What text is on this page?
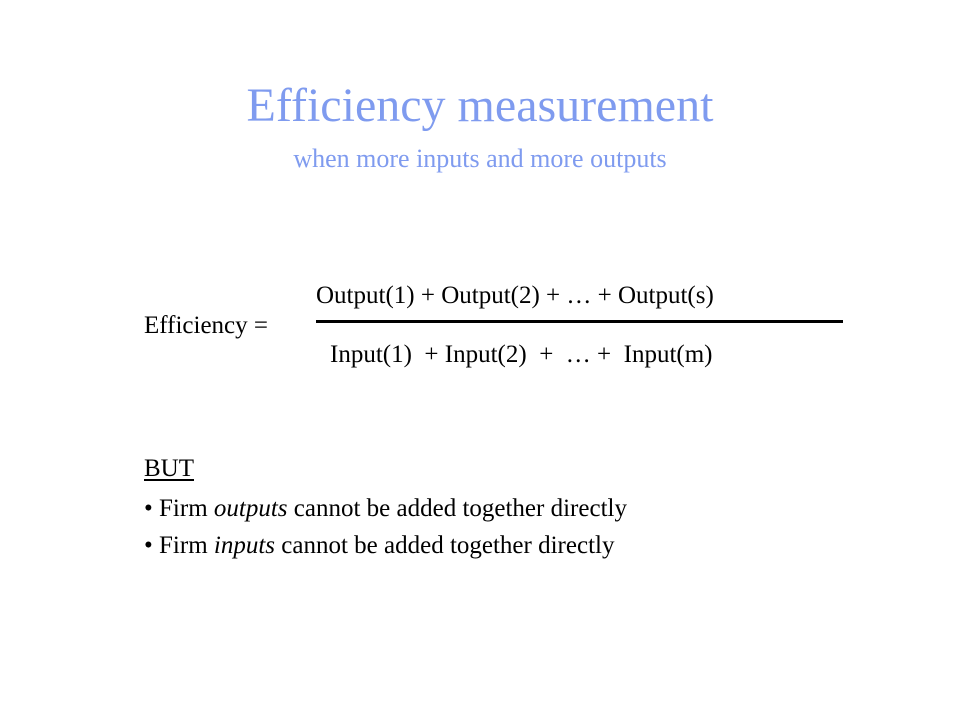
Efficiency measurement
when more inputs and more outputs
Efficiency =
Output(1) + Output(2) + … + Output(s)
Input(1)  + Input(2)  +  … +  Input(m)
BUT
• Firm outputs cannot be added together directly
• Firm inputs cannot be added together directly
